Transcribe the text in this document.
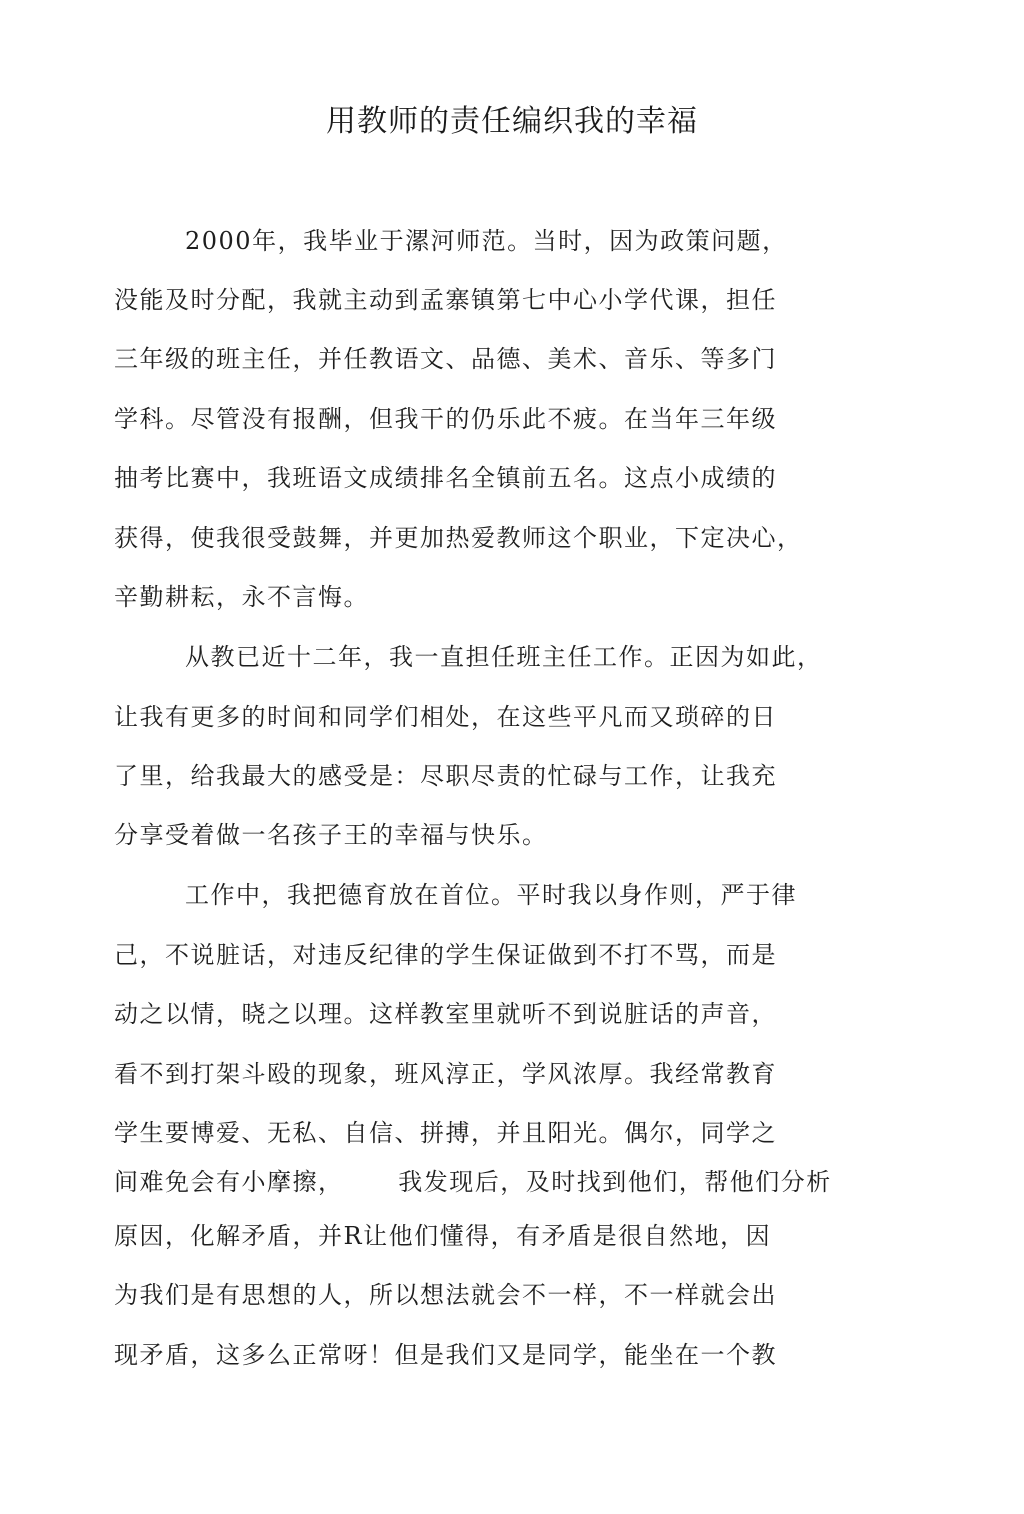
用教师的责任编织我的幸福
2000年，我毕业于漯河师范。当时，因为政策问题，
没能及时分配，我就主动到孟寨镇第七中心小学代课，担任
三年级的班主任，并任教语文、品德、美术、音乐、等多门
学科。尽管没有报酬，但我干的仍乐此不疲。在当年三年级
抽考比赛中，我班语文成绩排名全镇前五名。这点小成绩的
获得，使我很受鼓舞，并更加热爱教师这个职业，下定决心，
辛勤耕耘，永不言悔。
从教已近十二年，我一直担任班主任工作。正因为如此，
让我有更多的时间和同学们相处，在这些平凡而又琐碎的日
了里，给我最大的感受是：尽职尽责的忙碌与工作，让我充
分享受着做一名孩子王的幸福与快乐。
工作中，我把德育放在首位。平时我以身作则，严于律
己，不说脏话，对违反纪律的学生保证做到不打不骂，而是
动之以情，晓之以理。这样教室里就听不到说脏话的声音，
看不到打架斗殴的现象，班风淳正，学风浓厚。我经常教育
学生要博爱、无私、自信、拼搏，并且阳光。偶尔，同学之
间难免会有小摩擦，      我发现后，及时找到他们，帮他们分析
原因，化解矛盾，并R让他们懂得，有矛盾是很自然地，因
为我们是有思想的人，所以想法就会不一样，不一样就会出
现矛盾，这多么正常呀！但是我们又是同学，能坐在一个教
